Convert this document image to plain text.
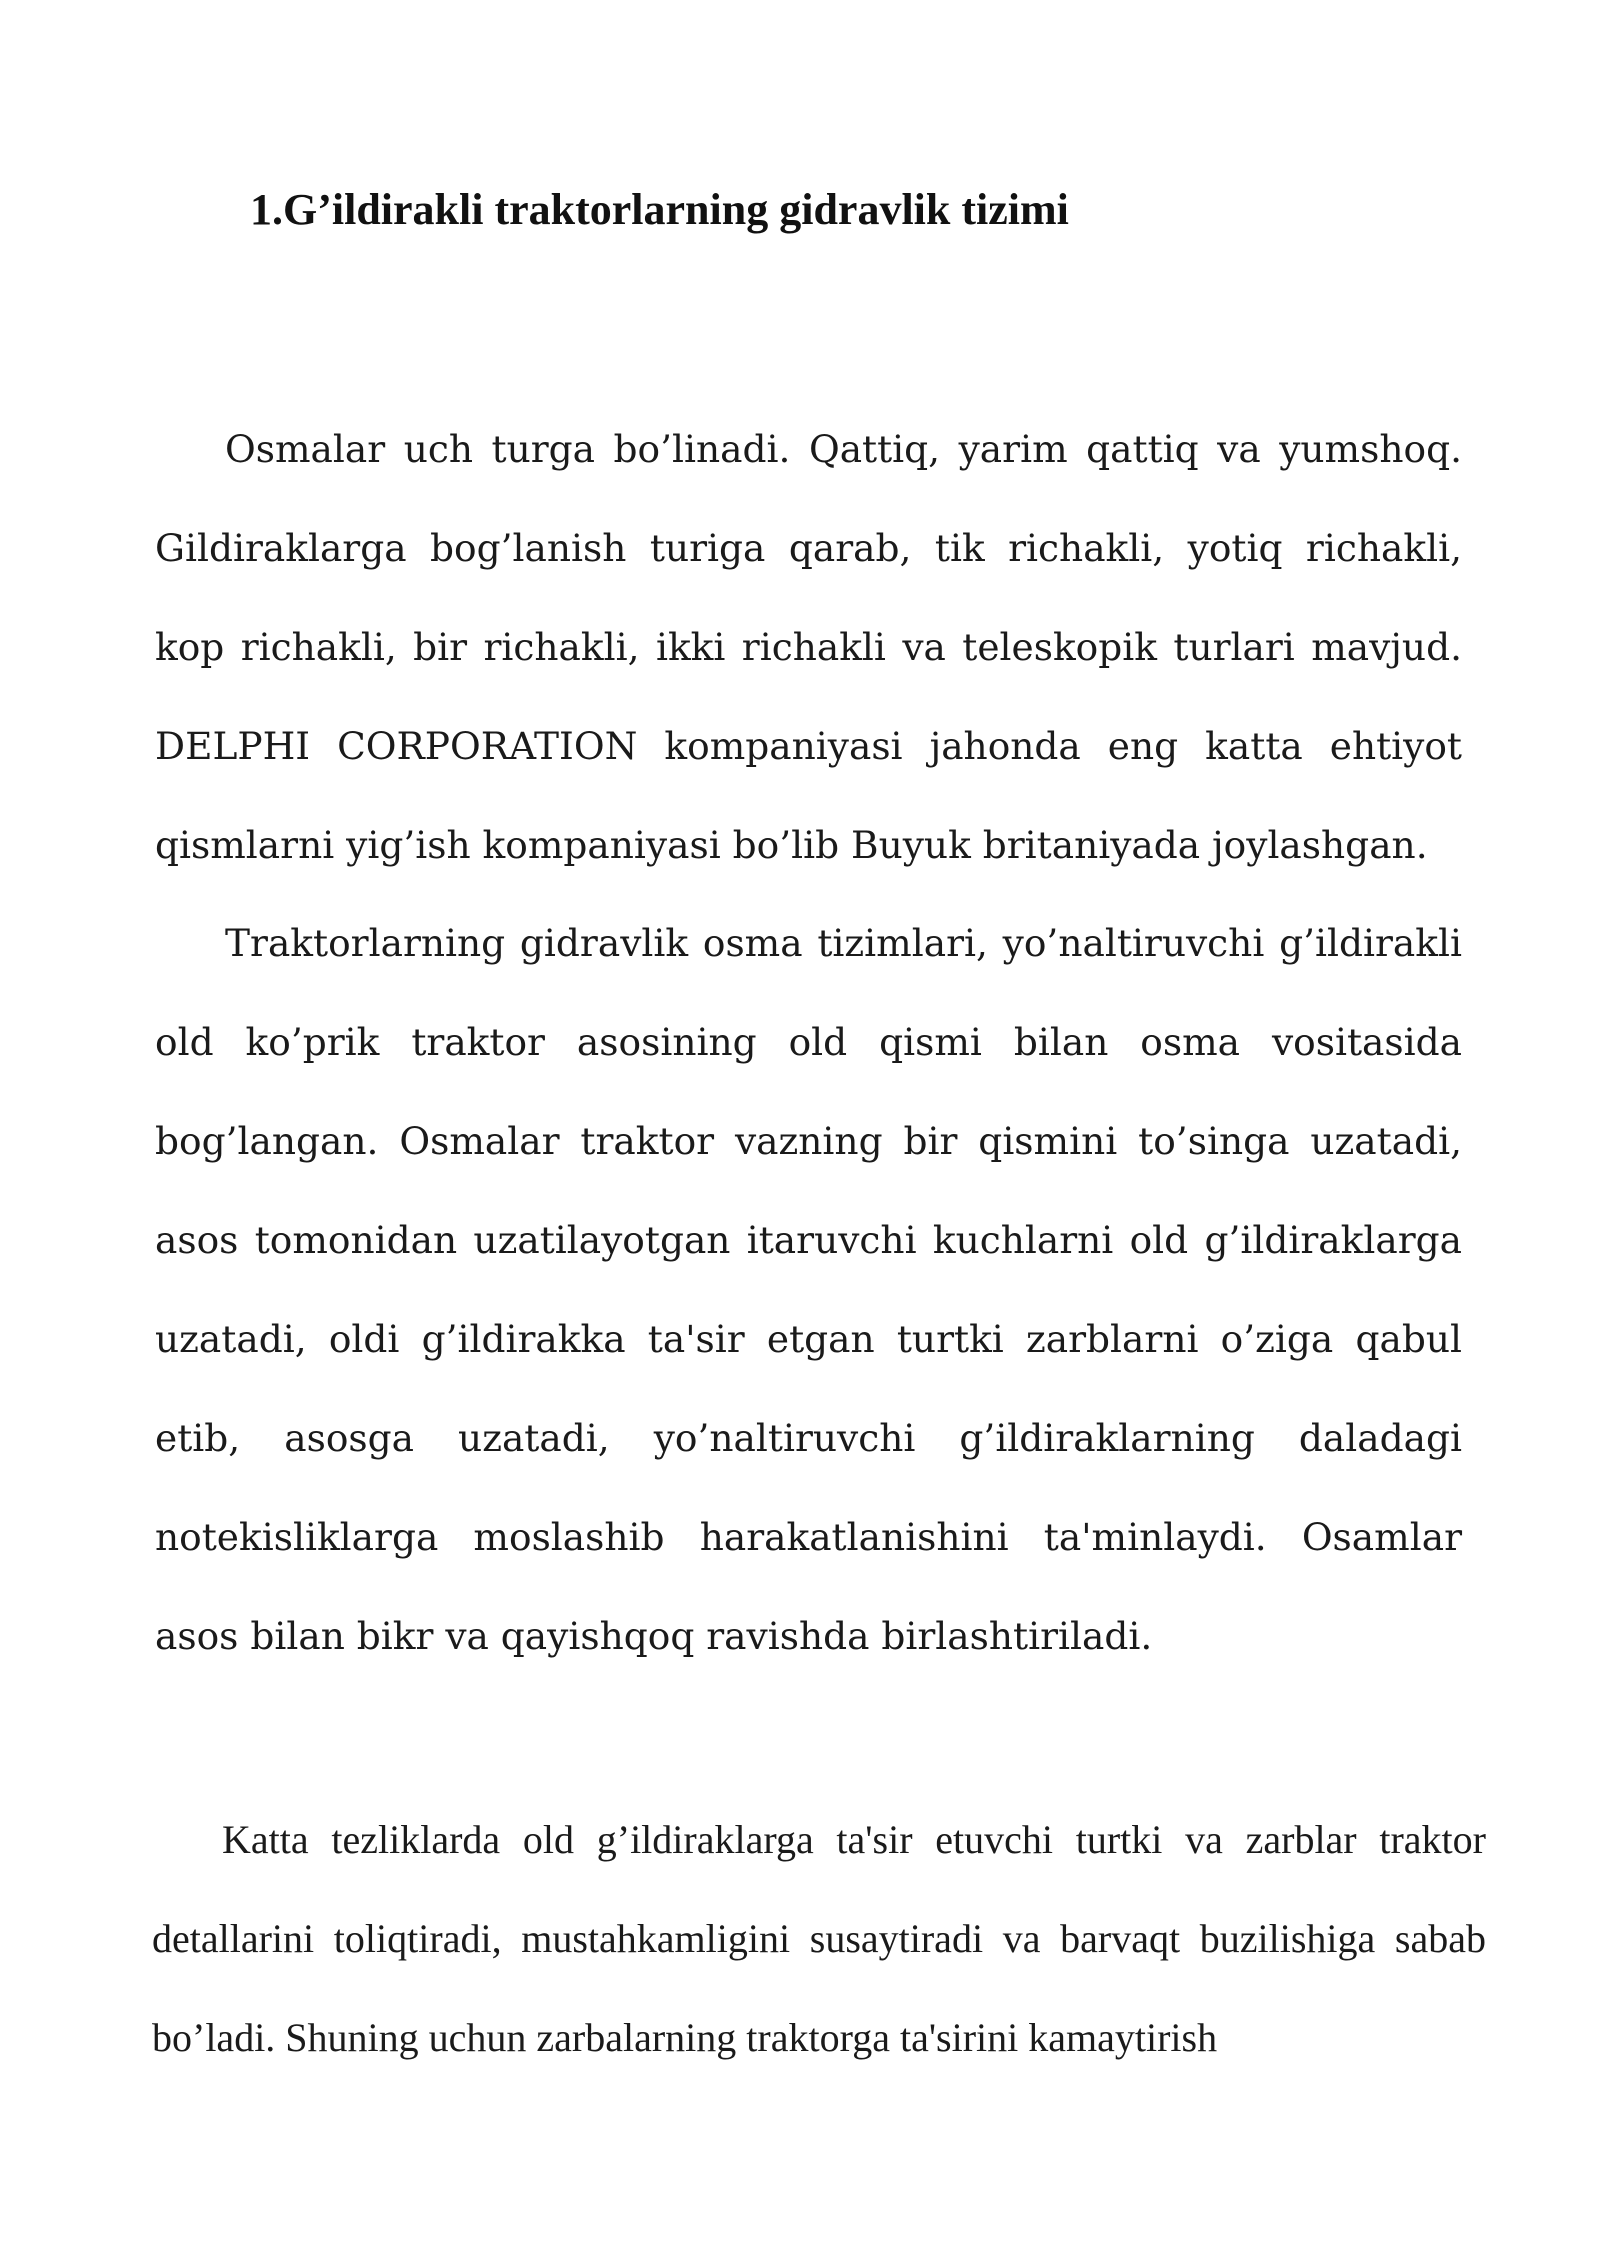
1.G’ildirakli traktorlarning gidravlik tizimi

Osmalar uch turga bo’linadi. Qattiq, yarim qattiq va yumshoq. Gildiraklarga bog’lanish turiga qarab, tik richakli, yotiq richakli, kop richakli, bir richakli, ikki richakli va teleskopik turlari mavjud. DELPHI CORPORATION kompaniyasi jahonda eng katta ehtiyot qismlarni yig’ish kompaniyasi bo’lib Buyuk britaniyada joylashgan.

Traktorlarning gidravlik osma tizimlari, yo’naltiruvchi g’ildirakli old ko’prik traktor asosining old qismi bilan osma vositasida bog’langan. Osmalar traktor vazning bir qismini to’singa uzatadi, asos tomonidan uzatilayotgan itaruvchi kuchlarni old g’ildiraklarga uzatadi, oldi g’ildirakka ta'sir etgan turtki zarblarni o’ziga qabul etib, asosga uzatadi, yo’naltiruvchi g’ildiraklarning daladagi notekisliklarga moslashib harakatlanishini ta'minlaydi. Osamlar asos bilan bikr va qayishqoq ravishda birlashtiriladi.

Katta tezliklarda old g’ildiraklarga ta'sir etuvchi turtki va zarblar traktor detallarini toliqtiradi, mustahkamligini susaytiradi va barvaqt buzilishiga sabab bo’ladi. Shuning uchun zarbalarning traktorga ta'sirini kamaytirish
